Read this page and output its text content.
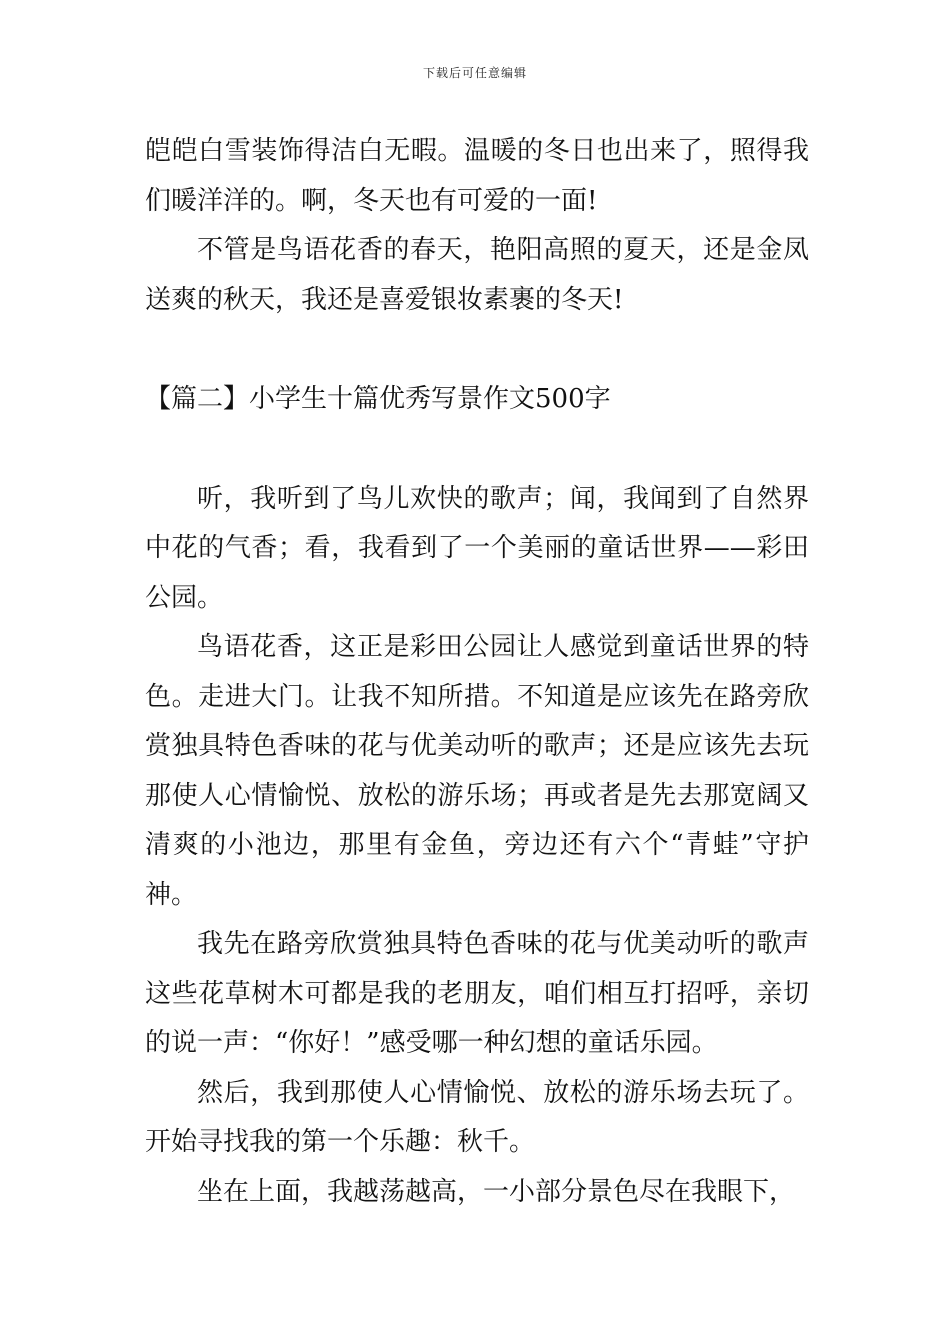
下载后可任意编辑

皑皑白雪装饰得洁白无暇。温暖的冬日也出来了，照得我们暖洋洋的。啊，冬天也有可爱的一面!

不管是鸟语花香的春天，艳阳高照的夏天，还是金凤送爽的秋天，我还是喜爱银妆素裹的冬天!

【篇二】小学生十篇优秀写景作文500字

听，我听到了鸟儿欢快的歌声；闻，我闻到了自然界中花的气香；看，我看到了一个美丽的童话世界——彩田公园。

鸟语花香，这正是彩田公园让人感觉到童话世界的特色。走进大门。让我不知所措。不知道是应该先在路旁欣赏独具特色香味的花与优美动听的歌声；还是应该先去玩那使人心情愉悦、放松的游乐场；再或者是先去那宽阔又清爽的小池边，那里有金鱼，旁边还有六个“青蛙”守护神。

我先在路旁欣赏独具特色香味的花与优美动听的歌声这些花草树木可都是我的老朋友，咱们相互打招呼，亲切的说一声：“你好！”感受哪一种幻想的童话乐园。

然后，我到那使人心情愉悦、放松的游乐场去玩了。开始寻找我的第一个乐趣：秋千。

坐在上面，我越荡越高，一小部分景色尽在我眼下，
